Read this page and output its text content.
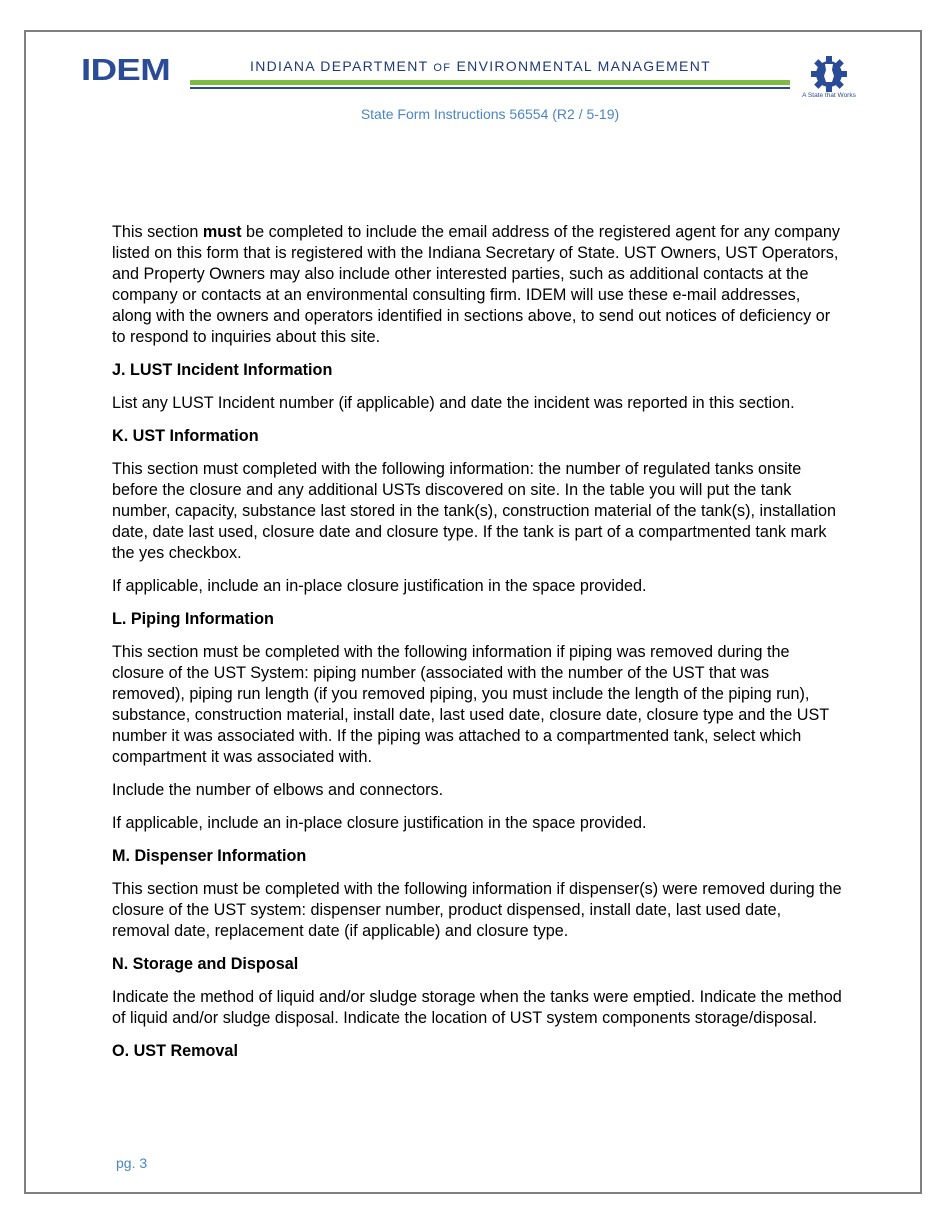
IDEM	INDIANA DEPARTMENT OF ENVIRONMENTAL MANAGEMENT
A State that Works
State Form Instructions 56554 (R2 / 5-19)

This section must be completed to include the email address of the registered agent for any company listed on this form that is registered with the Indiana Secretary of State. UST Owners, UST Operators, and Property Owners may also include other interested parties, such as additional contacts at the company or contacts at an environmental consulting firm. IDEM will use these e-mail addresses, along with the owners and operators identified in sections above, to send out notices of deficiency or to respond to inquiries about this site.

J. LUST Incident Information

List any LUST Incident number (if applicable) and date the incident was reported in this section.

K. UST Information

This section must completed with the following information: the number of regulated tanks onsite before the closure and any additional USTs discovered on site. In the table you will put the tank number, capacity, substance last stored in the tank(s), construction material of the tank(s), installation date, date last used, closure date and closure type. If the tank is part of a compartmented tank mark the yes checkbox.

If applicable, include an in-place closure justification in the space provided.

L. Piping Information

This section must be completed with the following information if piping was removed during the closure of the UST System: piping number (associated with the number of the UST that was removed), piping run length (if you removed piping, you must include the length of the piping run), substance, construction material, install date, last used date, closure date, closure type and the UST number it was associated with. If the piping was attached to a compartmented tank, select which compartment it was associated with.

Include the number of elbows and connectors.

If applicable, include an in-place closure justification in the space provided.

M. Dispenser Information

This section must be completed with the following information if dispenser(s) were removed during the closure of the UST system: dispenser number, product dispensed, install date, last used date, removal date, replacement date (if applicable) and closure type.

N. Storage and Disposal

Indicate the method of liquid and/or sludge storage when the tanks were emptied. Indicate the method of liquid and/or sludge disposal. Indicate the location of UST system components storage/disposal.

O. UST Removal
pg. 3
